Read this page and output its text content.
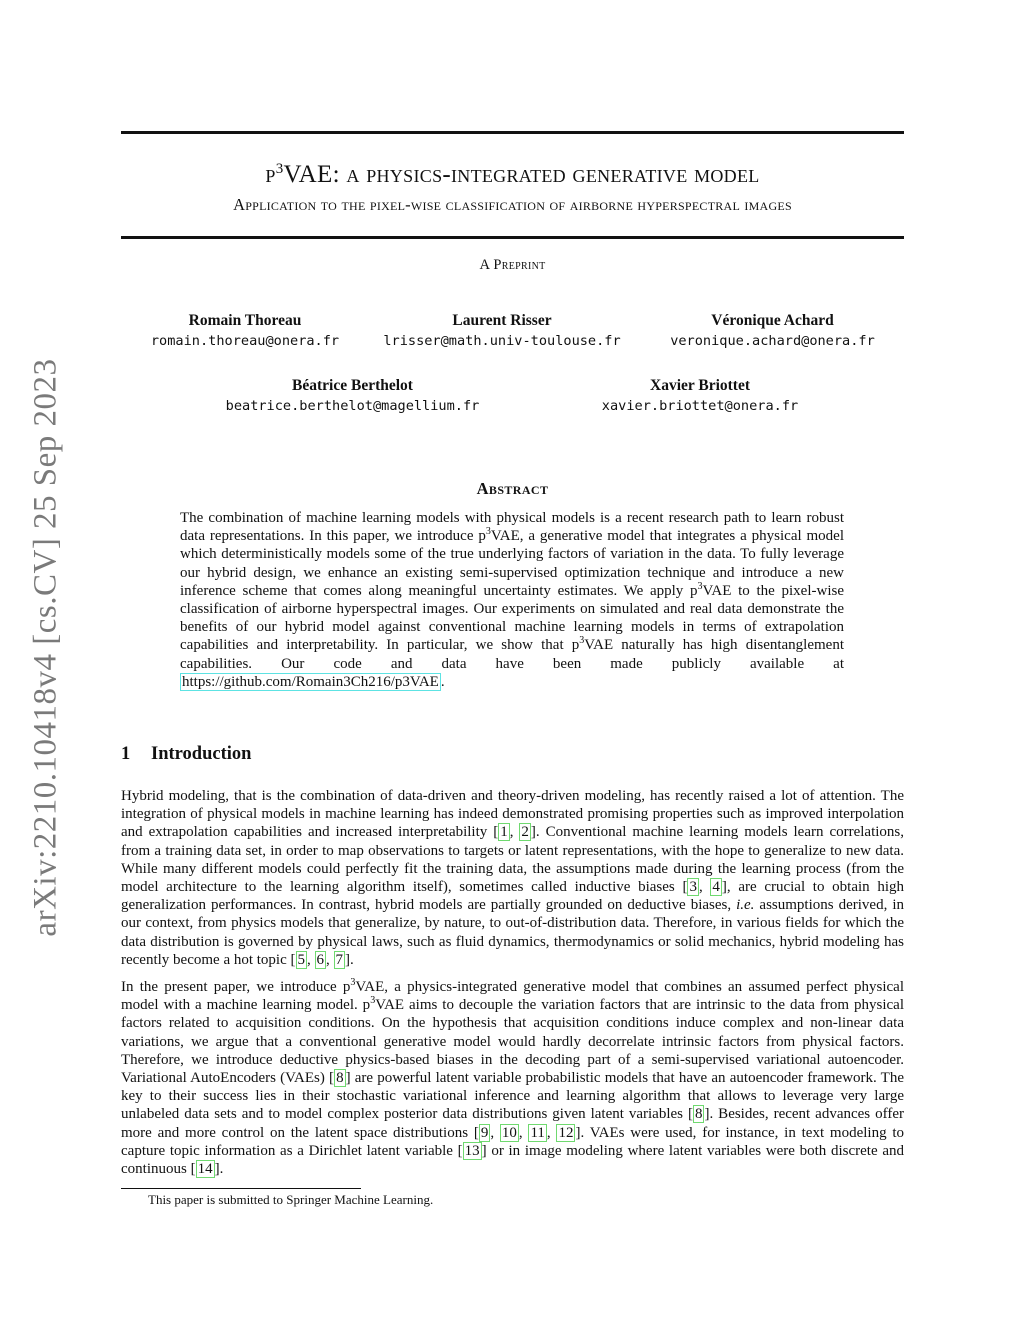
arXiv:2210.10418v4 [cs.CV] 25 Sep 2023
$p^3VAE$: a physics-integrated generative model
Application to the pixel-wise classification of airborne hyperspectral images
A Preprint
Romain Thoreau
romain.thoreau@onera.fr
Laurent Risser
lrisser@math.univ-toulouse.fr
Véronique Achard
veronique.achard@onera.fr
Béatrice Berthelot
beatrice.berthelot@magellium.fr
Xavier Briottet
xavier.briottet@onera.fr
Abstract

The combination of machine learning models with physical models is a recent research path to learn robust data representations. In this paper, we introduce $p^3VAE$, a generative model that integrates a physical model which deterministically models some of the true underlying factors of variation in the data. To fully leverage our hybrid design, we enhance an existing semi-supervised optimization technique and introduce a new inference scheme that comes along meaningful uncertainty estimates. We apply $p^3VAE$ to the pixel-wise classification of airborne hyperspectral images. Our experiments on simulated and real data demonstrate the benefits of our hybrid model against conventional machine learning models in terms of extrapolation capabilities and interpretability. In particular, we show that $p^3VAE$ naturally has high disentanglement capabilities. Our code and data have been made publicly available at https://github.com/Romain3Ch216/p3VAE .

1 Introduction

Hybrid modeling, that is the combination of data-driven and theory-driven modeling, has recently raised a lot of attention. The integration of physical models in machine learning has indeed demonstrated promising properties such as improved interpolation and extrapolation capabilities and increased interpretability [ 1 , 2 ]. Conventional machine learning models learn correlations, from a training data set, in order to map observations to targets or latent representations, with the hope to generalize to new data. While many different models could perfectly fit the training data, the assumptions made during the learning process (from the model architecture to the learning algorithm itself), sometimes called inductive biases [ 3 , 4 ], are crucial to obtain high generalization performances. In contrast, hybrid models are partially grounded on deductive biases, i.e. assumptions derived, in our context, from physics models that generalize, by nature, to out-of-distribution data. Therefore, in various fields for which the data distribution is governed by physical laws, such as fluid dynamics, thermodynamics or solid mechanics, hybrid modeling has recently become a hot topic [ 5 , 6 , 7 ].

In the present paper, we introduce $p^3VAE$, a physics-integrated generative model that combines an assumed perfect physical model with a machine learning model. $p^3VAE$ aims to decouple the variation factors that are intrinsic to the data from physical factors related to acquisition conditions. On the hypothesis that acquisition conditions induce complex and non-linear data variations, we argue that a conventional generative model would hardly decorrelate intrinsic factors from physical factors. Therefore, we introduce deductive physics-based biases in the decoding part of a semi-supervised variational autoencoder. Variational AutoEncoders (VAEs) [ 8 ] are powerful latent variable probabilistic models that have an autoencoder framework. The key to their success lies in their stochastic variational inference and learning algorithm that allows to leverage very large unlabeled data sets and to model complex posterior data distributions given latent variables [ 8 ]. Besides, recent advances offer more and more control on the latent space distributions [ 9 , 10 , 11 , 12 ]. VAEs were used, for instance, in text modeling to capture topic information as a Dirichlet latent variable [ 13 ] or in image modeling where latent variables were both discrete and continuous [ 14 ].

This paper is submitted to Springer Machine Learning.
